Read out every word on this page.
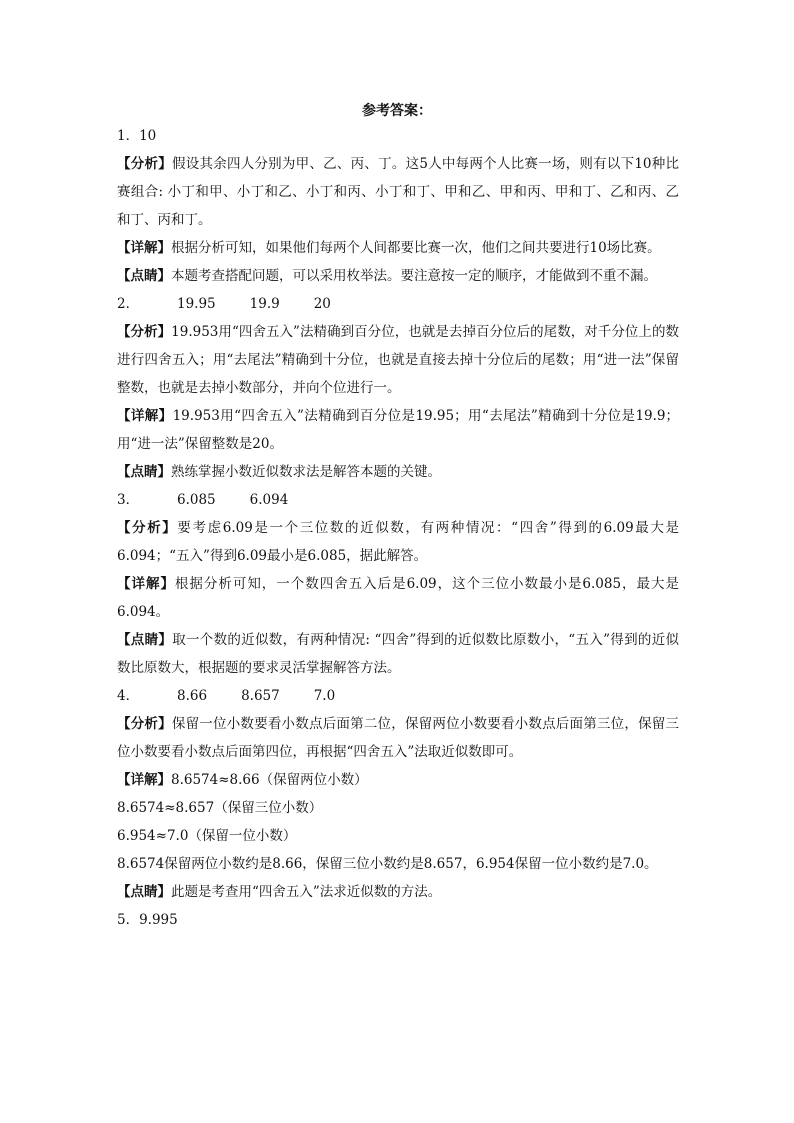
参考答案：
1．10
【分析】假设其余四人分别为甲、乙、丙、丁。这5人中每两个人比赛一场，则有以下10种比赛组合: 小丁和甲、小丁和乙、小丁和丙、小丁和丁、甲和乙、甲和丙、甲和丁、乙和丙、乙和丁、丙和丁。
【详解】根据分析可知，如果他们每两个人间都要比赛一次，他们之间共要进行10场比赛。
【点睛】本题考查搭配问题，可以采用枚举法。要注意按一定的顺序，才能做到不重不漏。
2．	19.95	19.9	20
【分析】19.953用“四舍五入”法精确到百分位，也就是去掉百分位后的尾数，对千分位上的数进行四舍五入；用“去尾法”精确到十分位，也就是直接去掉十分位后的尾数；用“进一法”保留整数，也就是去掉小数部分，并向个位进行一。
【详解】19.953用“四舍五入”法精确到百分位是19.95；用“去尾法”精确到十分位是19.9；用“进一法”保留整数是20。
【点睛】熟练掌握小数近似数求法是解答本题的关键。
3．	6.085	6.094
【分析】要考虑6.09是一个三位数的近似数，有两种情况：“四舍”得到的6.09最大是6.094；“五入”得到6.09最小是6.085，据此解答。
【详解】根据分析可知，一个数四舍五入后是6.09，这个三位小数最小是6.085，最大是6.094。
【点睛】取一个数的近似数，有两种情况: “四舍”得到的近似数比原数小，“五入”得到的近似数比原数大，根据题的要求灵活掌握解答方法。
4．	8.66	8.657	7.0
【分析】保留一位小数要看小数点后面第二位，保留两位小数要看小数点后面第三位，保留三位小数要看小数点后面第四位，再根据“四舍五入”法取近似数即可。
【详解】8.6574≈8.66（保留两位小数）
8.6574≈8.657（保留三位小数）
6.954≈7.0（保留一位小数）
8.6574保留两位小数约是8.66，保留三位小数约是8.657，6.954保留一位小数约是7.0。
【点睛】此题是考查用“四舍五入”法求近似数的方法。
5．9.995
